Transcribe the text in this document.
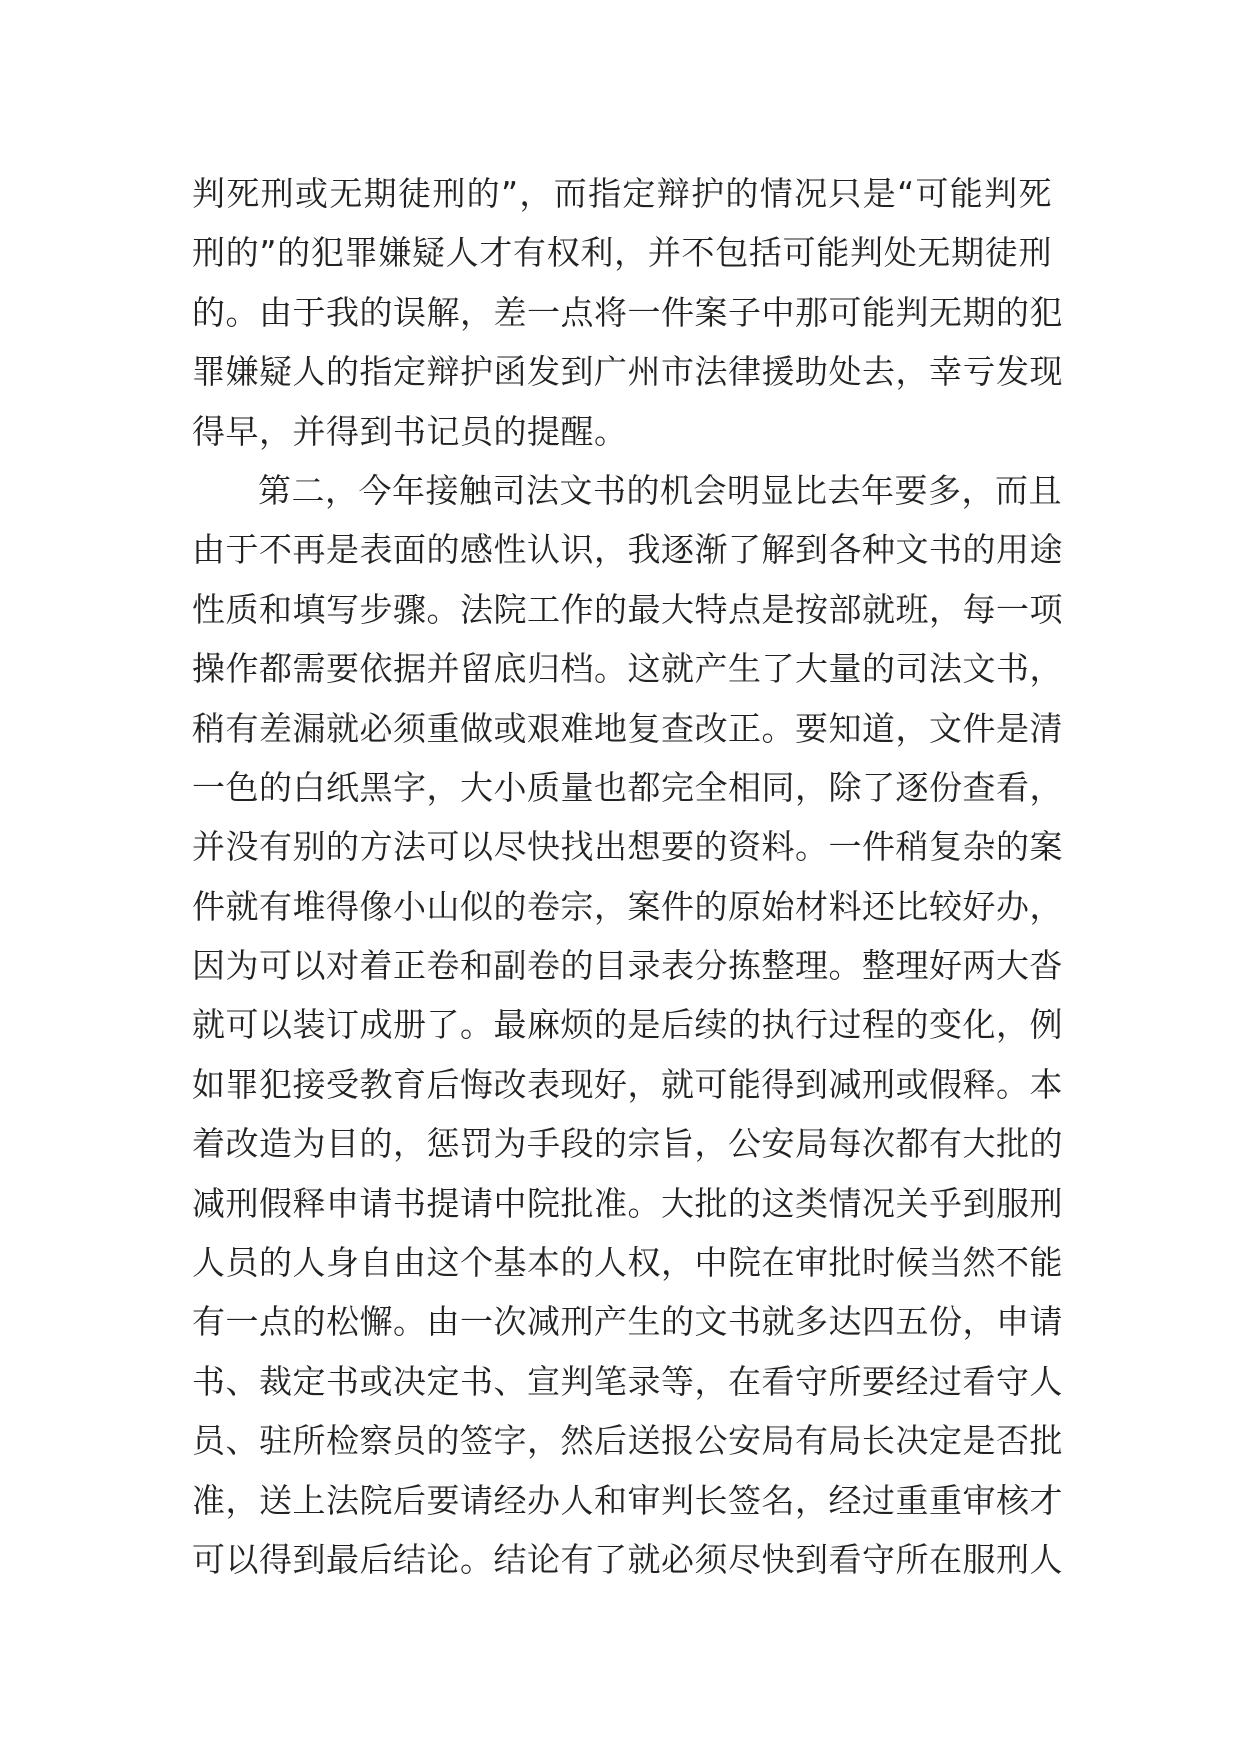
判死刑或无期徒刑的”，而指定辩护的情况只是“可能判死
刑的”的犯罪嫌疑人才有权利，并不包括可能判处无期徒刑
的。由于我的误解，差一点将一件案子中那可能判无期的犯
罪嫌疑人的指定辩护函发到广州市法律援助处去，幸亏发现
得早，并得到书记员的提醒。
第二，今年接触司法文书的机会明显比去年要多，而且
由于不再是表面的感性认识，我逐渐了解到各种文书的用途
性质和填写步骤。法院工作的最大特点是按部就班，每一项
操作都需要依据并留底归档。这就产生了大量的司法文书，
稍有差漏就必须重做或艰难地复查改正。要知道，文件是清
一色的白纸黑字，大小质量也都完全相同，除了逐份查看，
并没有别的方法可以尽快找出想要的资料。一件稍复杂的案
件就有堆得像小山似的卷宗，案件的原始材料还比较好办，
因为可以对着正卷和副卷的目录表分拣整理。整理好两大沓
就可以装订成册了。最麻烦的是后续的执行过程的变化，例
如罪犯接受教育后悔改表现好，就可能得到减刑或假释。本
着改造为目的，惩罚为手段的宗旨，公安局每次都有大批的
减刑假释申请书提请中院批准。大批的这类情况关乎到服刑
人员的人身自由这个基本的人权，中院在审批时候当然不能
有一点的松懈。由一次减刑产生的文书就多达四五份，申请
书、裁定书或决定书、宣判笔录等，在看守所要经过看守人
员、驻所检察员的签字，然后送报公安局有局长决定是否批
准，送上法院后要请经办人和审判长签名，经过重重审核才
可以得到最后结论。结论有了就必须尽快到看守所在服刑人
